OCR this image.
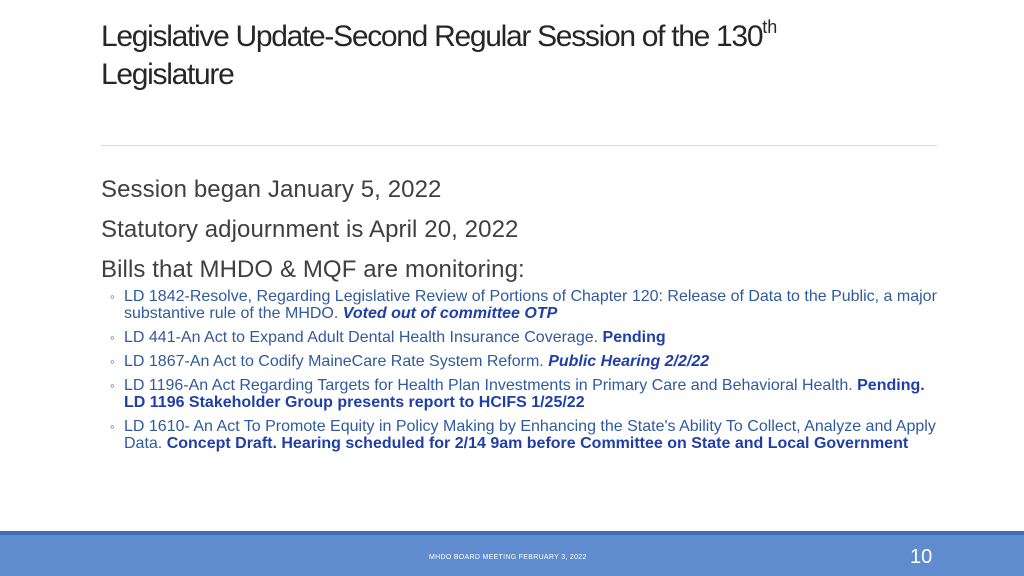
Legislative Update-Second Regular Session of the 130th
Legislature
Session began January 5, 2022
Statutory adjournment is April 20, 2022
Bills that MHDO & MQF are monitoring:
◦ LD 1842-Resolve, Regarding Legislative Review of Portions of Chapter 120: Release of Data to the Public, a major substantive rule of the MHDO. Voted out of committee OTP
◦ LD 441-An Act to Expand Adult Dental Health Insurance Coverage. Pending
◦ LD 1867-An Act to Codify MaineCare Rate System Reform. Public Hearing 2/2/22
◦ LD 1196-An Act Regarding Targets for Health Plan Investments in Primary Care and Behavioral Health. Pending. LD 1196 Stakeholder Group presents report to HCIFS 1/25/22
◦ LD 1610- An Act To Promote Equity in Policy Making by Enhancing the State's Ability To Collect, Analyze and Apply Data. Concept Draft. Hearing scheduled for 2/14 9am before Committee on State and Local Government
MHDO BOARD MEETING FEBRUARY 3, 2022	10
